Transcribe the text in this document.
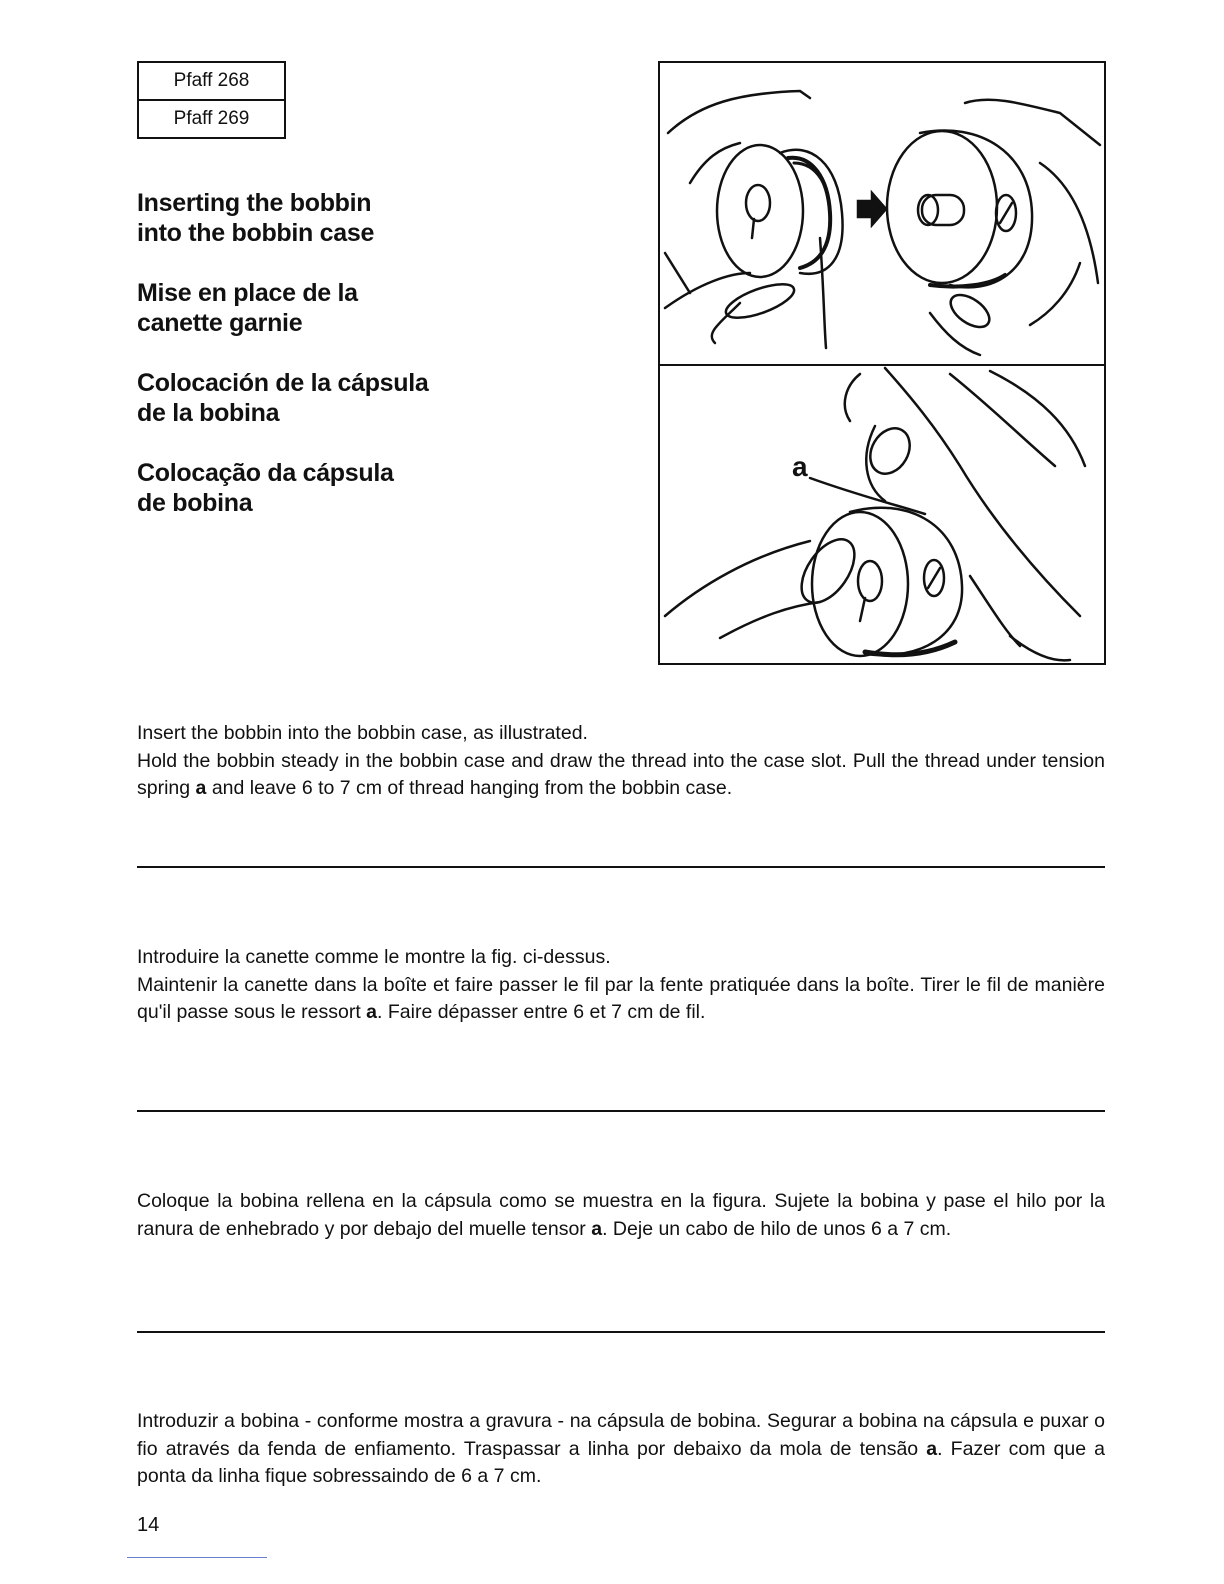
Pfaff 268
Pfaff 269
Inserting the bobbin
into the bobbin case
Mise en place de la
canette garnie
Colocación de la cápsula
de la bobina
Colocação da cápsula
de bobina
a

Insert the bobbin into the bobbin case, as illustrated.

Hold the bobbin steady in the bobbin case and draw the thread into the case slot. Pull the thread under tension spring a and leave 6 to 7 cm of thread hanging from the bobbin case.

Introduire la canette comme le montre la fig. ci-dessus.

Maintenir la canette dans la boîte et faire passer le fil par la fente pratiquée dans la boîte. Tirer le fil de manière qu'il passe sous le ressort a. Faire dépasser entre 6 et 7 cm de fil.

Coloque la bobina rellena en la cápsula como se muestra en la figura. Sujete la bobina y pase el hilo por la ranura de enhebrado y por debajo del muelle tensor a. Deje un cabo de hilo de unos 6 a 7 cm.

Introduzir a bobina - conforme mostra a gravura - na cápsula de bobina. Segurar a bobina na cápsula e puxar o fio através da fenda de enfiamento. Traspassar a linha por debaixo da mola de tensão a. Fazer com que a ponta da linha fique sobressaindo de 6 a 7 cm.

14
